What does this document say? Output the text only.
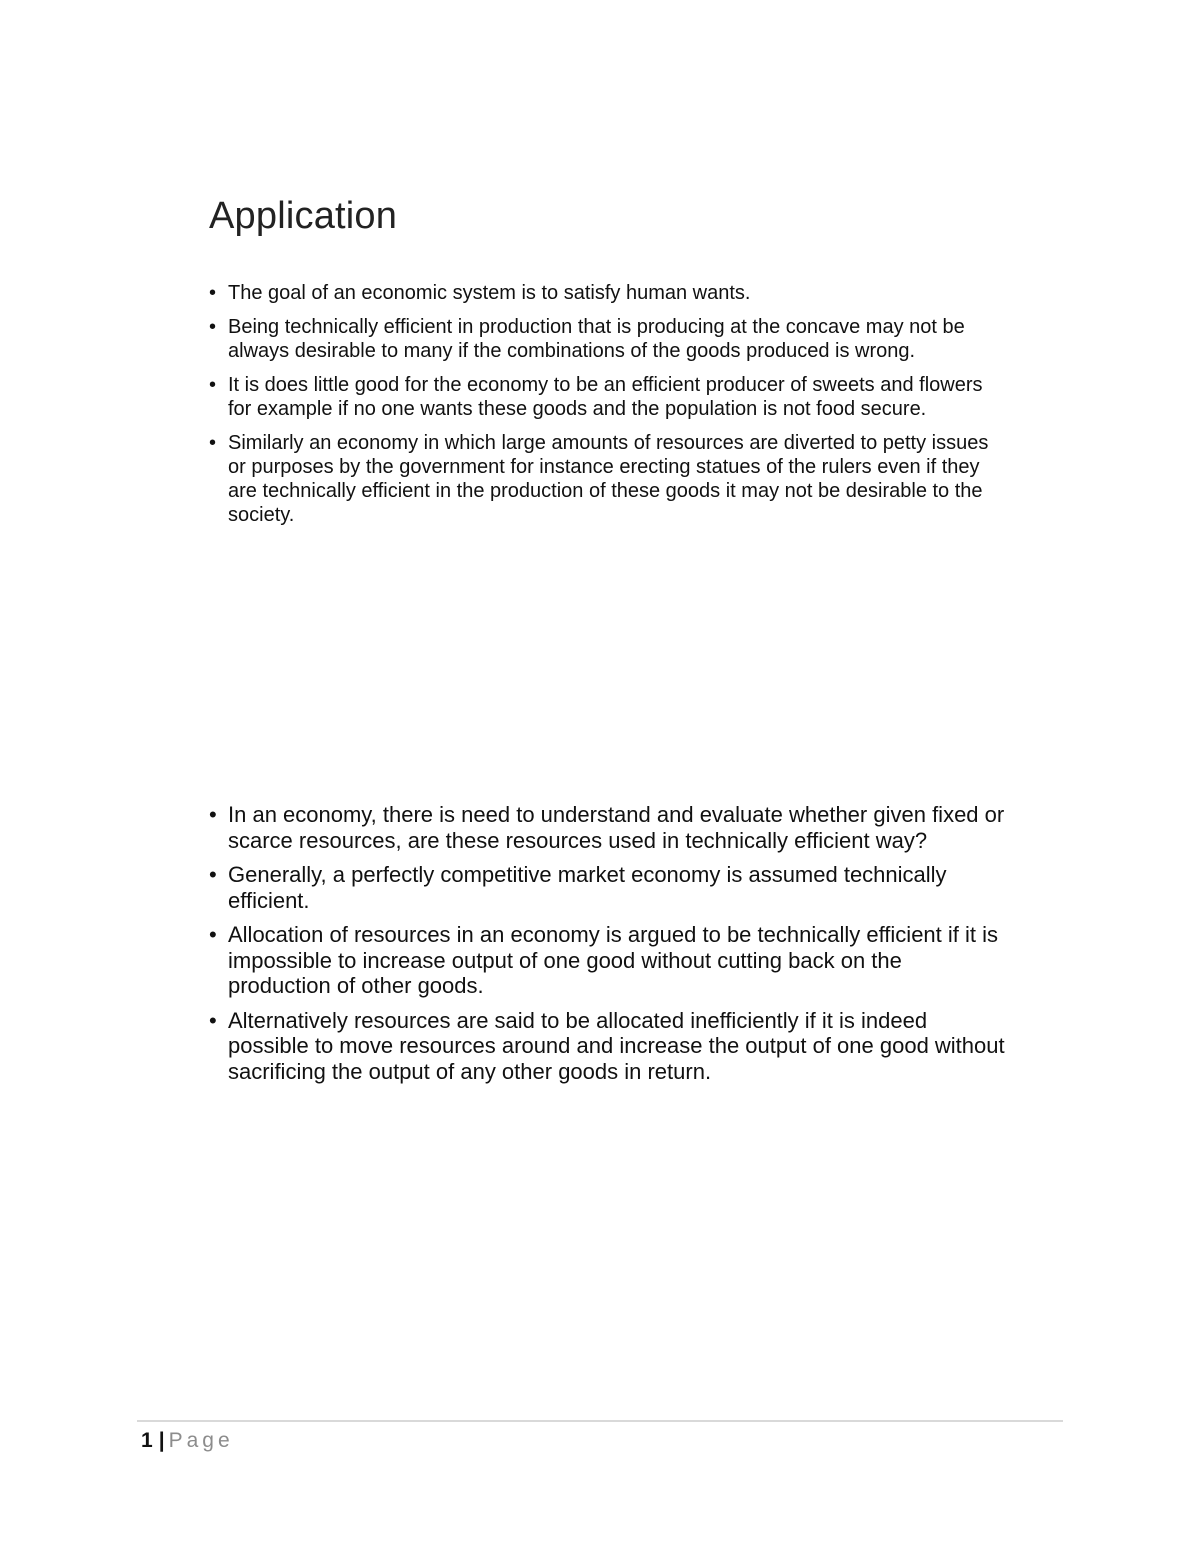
Application
• The goal of an economic system is to satisfy human wants.
• Being technically efficient in production that is producing at the concave may not be always desirable to many if the combinations of the goods produced is wrong.
• It is does little good for the economy to be an efficient producer of sweets and flowers for example if no one wants these goods and the population is not food secure.
• Similarly an economy in which large amounts of resources are diverted to petty issues or purposes by the government for instance erecting statues of the rulers even if they are technically efficient in the production of these goods it may not be desirable to the society.
• In an economy, there is need to understand and evaluate whether given fixed or scarce resources, are these resources used in technically efficient way?
• Generally, a perfectly competitive market economy is assumed technically efficient.
• Allocation of resources in an economy is argued to be technically efficient if it is impossible to increase output of one good without cutting back on the production of other goods.
• Alternatively resources are said to be allocated inefficiently if it is indeed possible to move resources around and increase the output of one good without sacrificing the output of any other goods in return.
1 | Page
